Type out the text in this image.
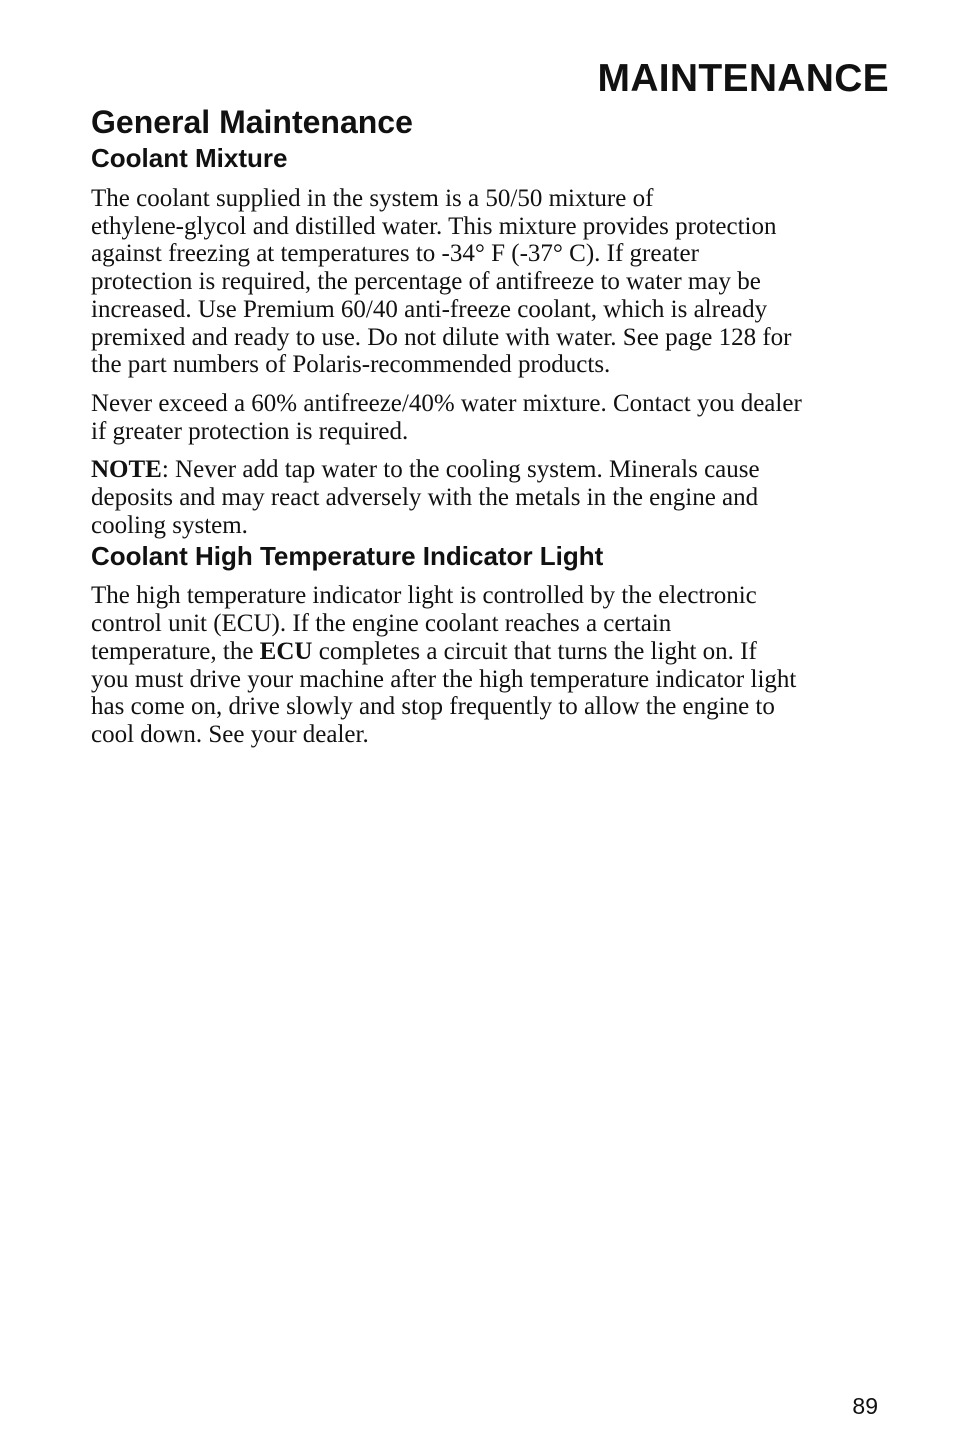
MAINTENANCE
General Maintenance
Coolant Mixture

The coolant supplied in the system is a 50/50 mixture of
ethylene-glycol and distilled water. This mixture provides protection
against freezing at temperatures to -34° F (-37° C). If greater
protection is required, the percentage of antifreeze to water may be
increased. Use Premium 60/40 anti-freeze coolant, which is already
premixed and ready to use. Do not dilute with water. See page 128 for
the part numbers of Polaris-recommended products.

Never exceed a 60% antifreeze/40% water mixture. Contact you dealer
if greater protection is required.

NOTE: Never add tap water to the cooling system. Minerals cause
deposits and may react adversely with the metals in the engine and
cooling system.

Coolant High Temperature Indicator Light

The high temperature indicator light is controlled by the electronic
control unit (ECU). If the engine coolant reaches a certain
temperature, the ECU completes a circuit that turns the light on. If
you must drive your machine after the high temperature indicator light
has come on, drive slowly and stop frequently to allow the engine to
cool down. See your dealer.

89
